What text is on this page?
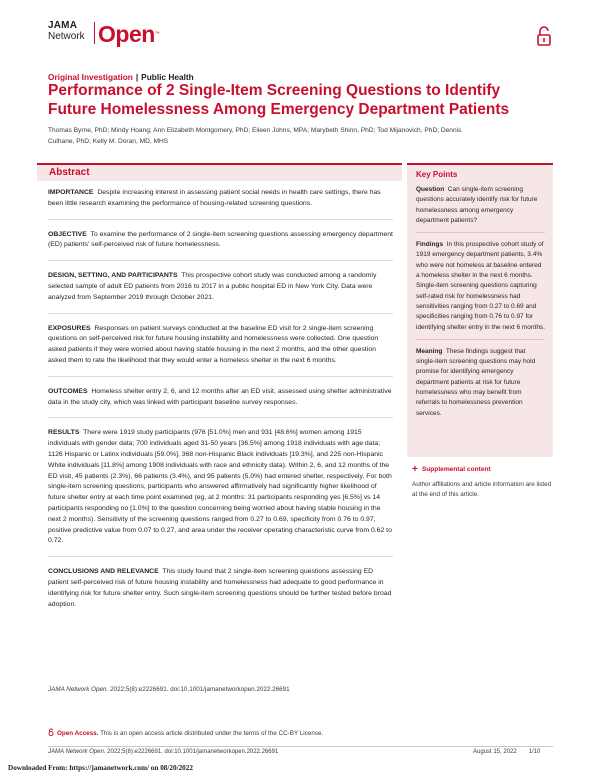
JAMA
Network Open™
Original Investigation | Public Health
Performance of 2 Single-Item Screening Questions to Identify Future Homelessness Among Emergency Department Patients

Thomas Byrne, PhD; Mindy Hoang; Ann Elizabeth Montgomery, PhD; Eileen Johns, MPA; Marybeth Shinn, PhD; Tod Mijanovich, PhD; Dennis Culhane, PhD; Kelly M. Doran, MD, MHS

Abstract

IMPORTANCE Despite increasing interest in assessing patient social needs in health care settings, there has been little research examining the performance of housing-related screening questions.

OBJECTIVE To examine the performance of 2 single-item screening questions assessing emergency department (ED) patients' self-perceived risk of future homelessness.

DESIGN, SETTING, AND PARTICIPANTS This prospective cohort study was conducted among a randomly selected sample of adult ED patients from 2016 to 2017 in a public hospital ED in New York City. Data were analyzed from September 2019 through October 2021.

EXPOSURES Responses on patient surveys conducted at the baseline ED visit for 2 single-item screening questions on self-perceived risk for future housing instability and homelessness were collected. One question asked patients if they were worried about having stable housing in the next 2 months, and the other question asked them to rate the likelihood that they would enter a homeless shelter in the next 6 months.

OUTCOMES Homeless shelter entry 2, 6, and 12 months after an ED visit, assessed using shelter administrative data in the study city, which was linked with participant baseline survey responses.

RESULTS There were 1919 study participants (976 [51.0%] men and 931 [48.6%] women among 1915 individuals with gender data; 700 individuals aged 31-50 years [36.5%] among 1918 individuals with age data; 1126 Hispanic or Latinx individuals [59.0%], 368 non-Hispanic Black individuals [19.3%], and 225 non-Hispanic White individuals [11.8%] among 1908 individuals with race and ethnicity data). Within 2, 6, and 12 months of the ED visit, 45 patients (2.3%), 66 patients (3.4%), and 95 patients (5.0%) had entered shelter, respectively. For both single-item screening questions, participants who answered affirmatively had significantly higher likelihood of future shelter entry at each time point examined (eg, at 2 months: 31 participants responding yes [6.5%] vs 14 participants responding no [1.0%] to the question concerning being worried about having stable housing in the next 2 months). Sensitivity of the screening questions ranged from 0.27 to 0.69, specificity from 0.76 to 0.97, positive predictive value from 0.07 to 0.27, and area under the receiver operating characteristic curve from 0.62 to 0.72.

CONCLUSIONS AND RELEVANCE This study found that 2 single-item screening questions assessing ED patient self-perceived risk of future housing instability and homelessness had adequate to good performance in identifying risk for future shelter entry. Such single-item screening questions should be further tested before broad adoption.

Key Points

Question Can single-item screening questions accurately identify risk for future homelessness among emergency department patients?

Findings In this prospective cohort study of 1919 emergency department patients, 3.4% who were not homeless at baseline entered a homeless shelter in the next 6 months. Single-item screening questions capturing self-rated risk for homelessness had sensitivities ranging from 0.27 to 0.69 and specificities ranging from 0.76 to 0.97 for identifying shelter entry in the next 6 months.

Meaning These findings suggest that single-item screening questions may hold promise for identifying emergency department patients at risk for future homelessness who may benefit from referrals to homelessness prevention services.

+ Supplemental content

Author affiliations and article information are listed at the end of this article.

JAMA Network Open. 2022;5(8):e2226691. doi:10.1001/jamanetworkopen.2022.26691
Open Access. This is an open access article distributed under the terms of the CC-BY License.
JAMA Network Open. 2022;5(8):e2226691. doi:10.1001/jamanetworkopen.2022.26691	August 15, 2022 1/10
Downloaded From: https://jamanetwork.com/ on 08/20/2022
